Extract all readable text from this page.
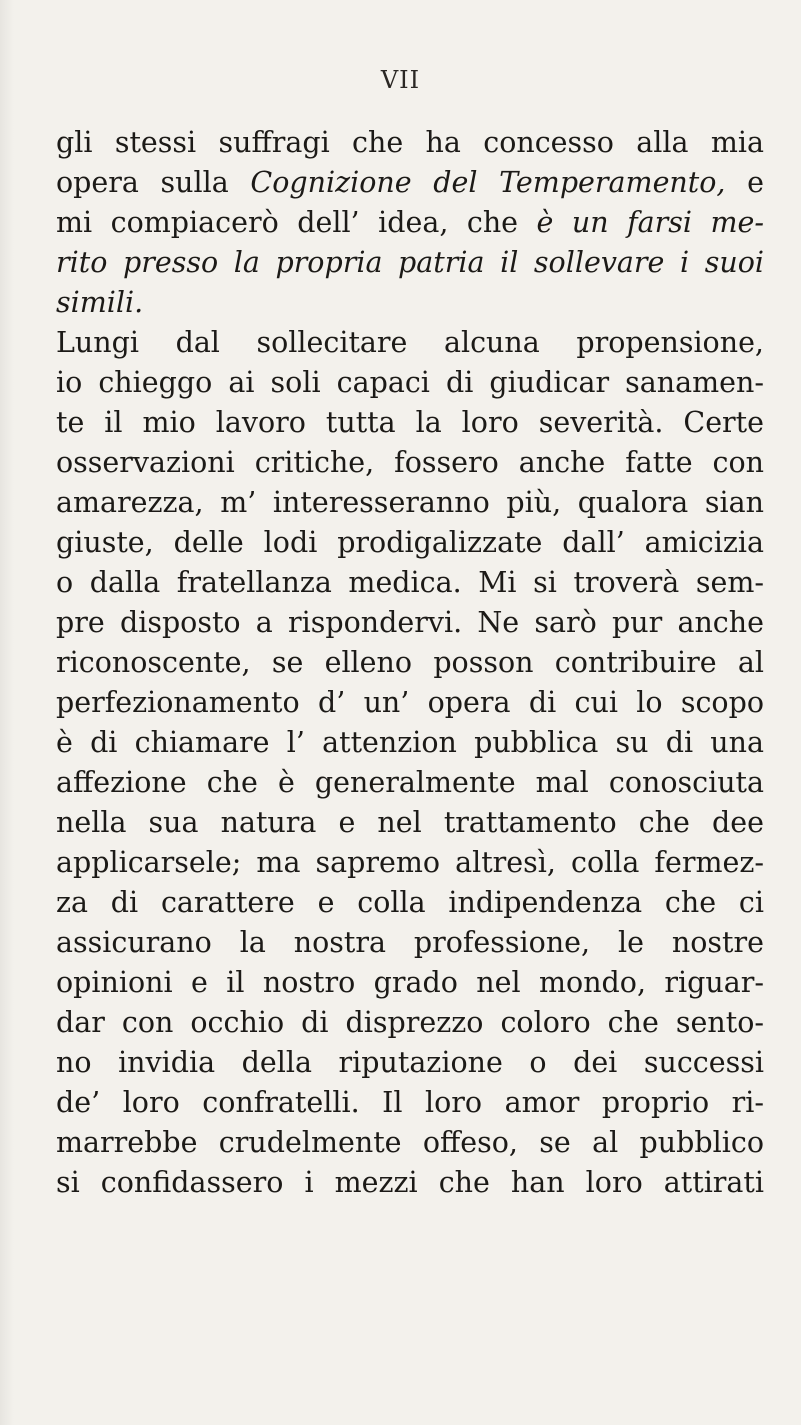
VII
gli stessi suffragi che ha concesso alla mia
opera sulla Cognizione del Temperamento, e
mi compiacerò dell’ idea, che è un farsi me-
rito presso la propria patria il sollevare i suoi
simili.
Lungi dal sollecitare alcuna propensione,
io chieggo ai soli capaci di giudicar sanamen-
te il mio lavoro tutta la loro severità. Certe
osservazioni critiche, fossero anche fatte con
amarezza, m’ interesseranno più, qualora sian
giuste, delle lodi prodigalizzate dall’ amicizia
o dalla fratellanza medica. Mi si troverà sem-
pre disposto a rispondervi. Ne sarò pur anche
riconoscente, se elleno posson contribuire al
perfezionamento d’ un’ opera di cui lo scopo
è di chiamare l’ attenzion pubblica su di una
affezione che è generalmente mal conosciuta
nella sua natura e nel trattamento che dee
applicarsele; ma sapremo altresì, colla fermez-
za di carattere e colla indipendenza che ci
assicurano la nostra professione, le nostre
opinioni e il nostro grado nel mondo, riguar-
dar con occhio di disprezzo coloro che sento-
no invidia della riputazione o dei successi
de’ loro confratelli. Il loro amor proprio ri-
marrebbe crudelmente offeso, se al pubblico
si confidassero i mezzi che han loro attirati
